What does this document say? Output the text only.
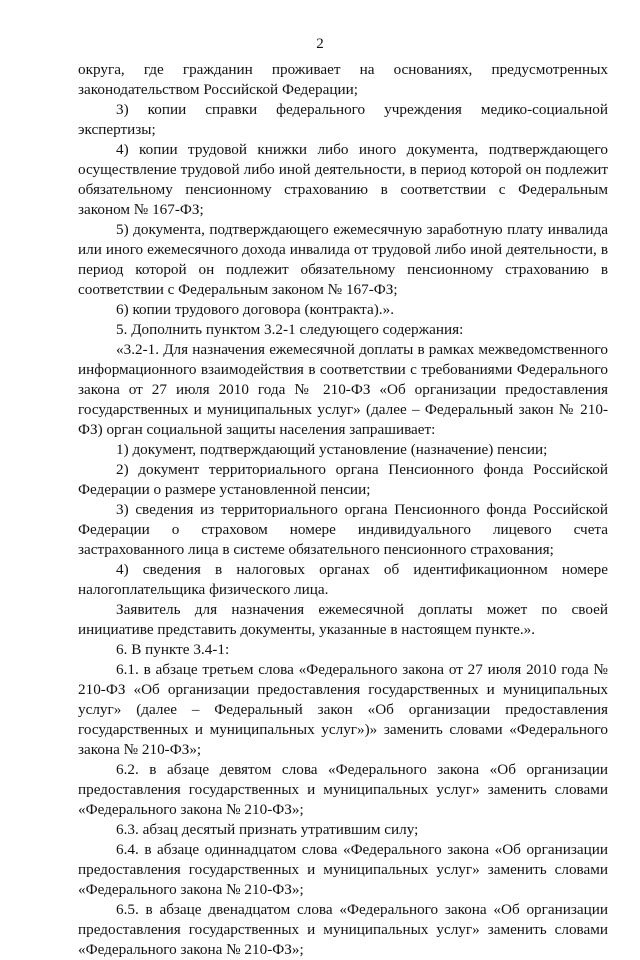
2

округа, где гражданин проживает на основаниях, предусмотренных законодательством Российской Федерации;

3) копии справки федерального учреждения медико-социальной экспертизы;

4) копии трудовой книжки либо иного документа, подтверждающего осуществление трудовой либо иной деятельности, в период которой он подлежит обязательному пенсионному страхованию в соответствии с Федеральным законом № 167-ФЗ;

5) документа, подтверждающего ежемесячную заработную плату инвалида или иного ежемесячного дохода инвалида от трудовой либо иной деятельности, в период которой он подлежит обязательному пенсионному страхованию в соответствии с Федеральным законом № 167-ФЗ;

6) копии трудового договора (контракта).».

5. Дополнить пунктом 3.2-1 следующего содержания:

«3.2-1. Для назначения ежемесячной доплаты в рамках межведомственного информационного взаимодействия в соответствии с требованиями Федерального закона от 27 июля 2010 года № 210-ФЗ «Об организации предоставления государственных и муниципальных услуг» (далее – Федеральный закон № 210-ФЗ) орган социальной защиты населения запрашивает:

1) документ, подтверждающий установление (назначение) пенсии;

2) документ территориального органа Пенсионного фонда Российской Федерации о размере установленной пенсии;

3) сведения из территориального органа Пенсионного фонда Российской Федерации о страховом номере индивидуального лицевого счета застрахованного лица в системе обязательного пенсионного страхования;

4) сведения в налоговых органах об идентификационном номере налогоплательщика физического лица.

Заявитель для назначения ежемесячной доплаты может по своей инициативе представить документы, указанные в настоящем пункте.».

6. В пункте 3.4-1:

6.1. в абзаце третьем слова «Федерального закона от 27 июля 2010 года № 210-ФЗ «Об организации предоставления государственных и муниципальных услуг» (далее – Федеральный закон «Об организации предоставления государственных и муниципальных услуг»)» заменить словами «Федерального закона № 210-ФЗ»;

6.2. в абзаце девятом слова «Федерального закона «Об организации предоставления государственных и муниципальных услуг» заменить словами «Федерального закона № 210-ФЗ»;

6.3. абзац десятый признать утратившим силу;

6.4. в абзаце одиннадцатом слова «Федерального закона «Об организации предоставления государственных и муниципальных услуг» заменить словами «Федерального закона № 210-ФЗ»;

6.5. в абзаце двенадцатом слова «Федерального закона «Об организации предоставления государственных и муниципальных услуг» заменить словами «Федерального закона № 210-ФЗ»;
